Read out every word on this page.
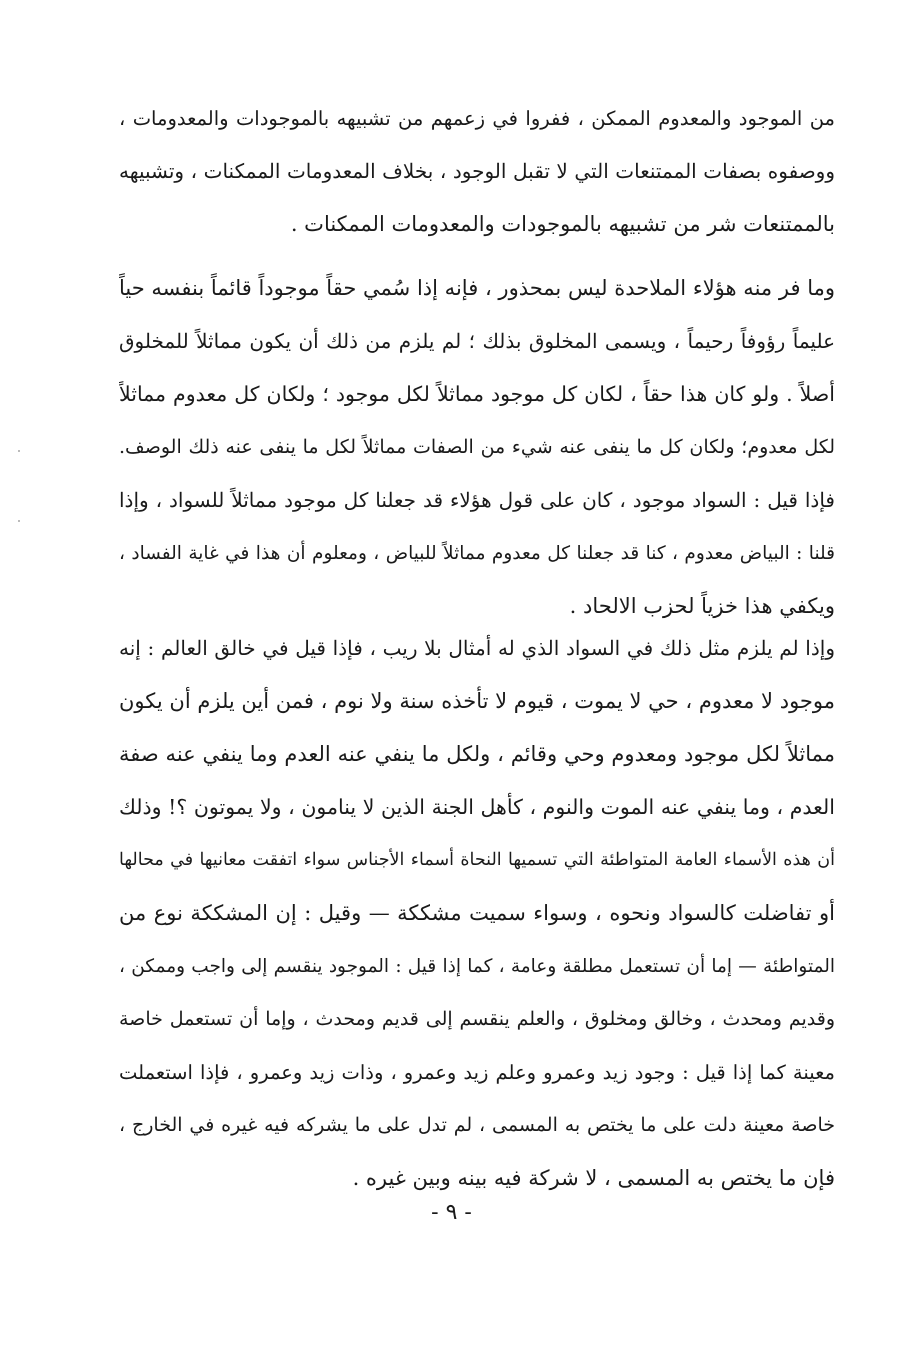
من الموجود والمعدوم الممكن ، ففروا في زعمهم من تشبيهه بالموجودات والمعدومات ،
ووصفوه بصفات الممتنعات التي لا تقبل الوجود ، بخلاف المعدومات الممكنات ، وتشبيهه
بالممتنعات شر من تشبيهه بالموجودات والمعدومات الممكنات .
وما فر منه هؤلاء الملاحدة ليس بمحذور ، فإنه إذا سُمي حقاً موجوداً قائماً بنفسه حياً
عليماً رؤوفاً رحيماً ، ويسمى المخلوق بذلك ؛ لم يلزم من ذلك أن يكون مماثلاً للمخلوق
أصلاً . ولو كان هذا حقاً ، لكان كل موجود مماثلاً لكل موجود ؛ ولكان كل معدوم مماثلاً
لكل معدوم؛ ولكان كل ما ينفى عنه شيء من الصفات مماثلاً لكل ما ينفى عنه ذلك الوصف.
فإذا قيل : السواد موجود ، كان على قول هؤلاء قد جعلنا كل موجود مماثلاً للسواد ، وإذا
قلنا : البياض معدوم ، كنا قد جعلنا كل معدوم مماثلاً للبياض ، ومعلوم أن هذا في غاية الفساد ،
ويكفي هذا خزياً لحزب الالحاد .
وإذا لم يلزم مثل ذلك في السواد الذي له أمثال بلا ريب ، فإذا قيل في خالق العالم : إنه
موجود لا معدوم ، حي لا يموت ، قيوم لا تأخذه سنة ولا نوم ، فمن أين يلزم أن يكون
مماثلاً لكل موجود ومعدوم وحي وقائم ، ولكل ما ينفي عنه العدم وما ينفي عنه صفة
العدم ، وما ينفي عنه الموت والنوم ، كأهل الجنة الذين لا ينامون ، ولا يموتون ؟! وذلك
أن هذه الأسماء العامة المتواطئة التي تسميها النحاة أسماء الأجناس سواء اتفقت معانيها في محالها
أو تفاضلت كالسواد ونحوه ، وسواء سميت مشككة — وقيل : إن المشككة نوع من
المتواطئة — إما أن تستعمل مطلقة وعامة ، كما إذا قيل : الموجود ينقسم إلى واجب وممكن ،
وقديم ومحدث ، وخالق ومخلوق ، والعلم ينقسم إلى قديم ومحدث ، وإما أن تستعمل خاصة
معينة كما إذا قيل : وجود زيد وعمرو وعلم زيد وعمرو ، وذات زيد وعمرو ، فإذا استعملت
خاصة معينة دلت على ما يختص به المسمى ، لم تدل على ما يشركه فيه غيره في الخارج ،
فإن ما يختص به المسمى ، لا شركة فيه بينه وبين غيره .
- ٩ -
